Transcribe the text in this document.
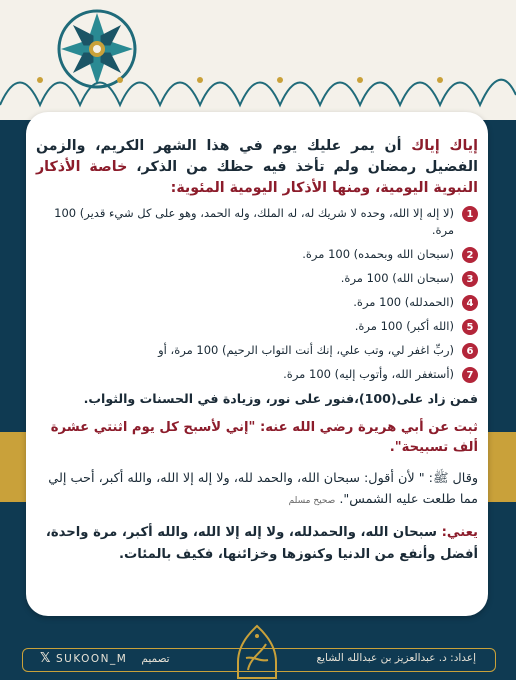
إياك إياك أن يمر عليك يوم في هذا الشهر الكريم، والزمن الفضيل رمضان ولم تأخذ فيه حظك من الذكر، خاصة الأذكار النبوية اليومية، ومنها الأذكار اليومية المئوية:

1
(لا إله إلا الله، وحده لا شريك له، له الملك، وله الحمد، وهو على كل شيء قدير) 100 مرة.
2
(سبحان الله وبحمده) 100 مرة.
3
(سبحان الله) 100 مرة.
4
(الحمدلله) 100 مرة.
5
(الله أكبر) 100 مرة.
6
(ربِّ اغفر لي، وتب علي، إنك أنت التواب الرحيم) 100 مرة، أو
7
(أستغفر الله، وأتوب إليه) 100 مرة.

فمن زاد على(100)،فنور على نور، وزيادة في الحسنات والثواب.

ثبت عن أبي هريرة رضي الله عنه: "إني لأسبح كل يوم اثنتي عشرة ألف تسبيحة".

وقال ﷺ: " لأن أقول: سبحان الله، والحمد لله، ولا إله إلا الله، والله أكبر، أحب إلي مما طلعت عليه الشمس".صحيح مسلم

يعني: سبحان الله، والحمدلله، ولا إله إلا الله، والله أكبر، مرة واحدة، أفضل وأنفع من الدنيا وكنوزها وخزائنها، فكيف بالمئات.

إعداد: د. عبدالعزيز بن عبدالله الشايع
𝕏 SUKOON_M تصميم
